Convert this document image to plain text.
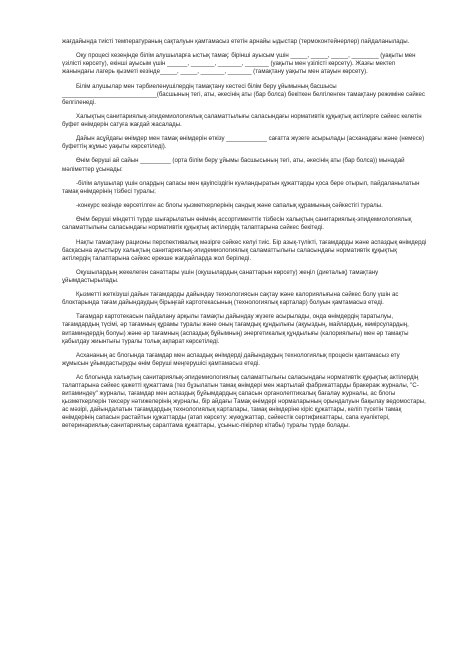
жағдайында тиісті температураның сақталуын қамтамасыз ететін арнайы ыдыстар (термоконтейнерлер) пайдаланылады.

Оқу процесі кезеңінде білім алушыларға ыстық тамақ: бірінші ауысым үшін _____, _____, _____, ________ (уақыты мен үзілісті көрсету), екінші ауысым үшін ______, _______, _______, _______ (уақыты мен үзілісті көрсету). Жазғы мектеп жанындағы лагерь қызметі кезінде_____, _____, _______, _______ (тамақтану уақыты мен атауын көрсету).

Білім алушылар мен тәрбиеленушілердің тамақтану кестесі білім беру ұйымының басшысы ____________________________(басшының тегі, аты, әкесінің аты (бар болса) бекіткен белгіленген тамақтану режиміне сәйкес белгіленеді.

Халықтың санитариялық-эпидемиологиялық саламаттылығы саласындағы нормативтік құқықтық актілерге сәйкес келетін буфет өнімдерін сатуға жағдай жасалады.

Дайын асұйдағы өнімдер мен тамақ өнімдерін өткізу ____________ сағатта жүзеге асырылады (асханадағы және (немесе) буфеттің жұмыс уақыты көрсетіледі).

Өнім беруші ай сайын _________ (орта білім беру ұйымы басшысының тегі, аты, әкесінің аты (бар болса)) мынадай мәліметтер ұсынады:

-білім алушылар үшін олардың сапасы мен қауіпсіздігін куәландыратын құжаттарды қоса бере отырып, пайдаланылатын тамақ өнімдерінің тізбесі туралы;

-конкурс кезінде көрсетілген ас блогы қызметкерлерінің сандық және сапалық құрамының сәйкестігі туралы.

Өнім беруші міндетті түрде шығарылатын өнімнің ассортименттік тізбесін халықтың санитариялық-эпидемиологиялық саламаттылығы саласындағы нормативтік құқықтық актілердің талаптарына сәйкес бекітеді.

Нақты тамақтану рационы перспективалық мәзірге сәйкес келуі тиіс. Бір азық-түлікті, тағамдарды және аспаздық өнімдерді басқасына ауыстыру халықтың санитариялық-эпидемиологиялық саламаттылығы саласындағы нормативтік құқықтық актілердің талаптарына сәйкес ерекше жағдайларда жол беріледі.

Оқушылардың жекелеген санаттары үшін (оқушылардың санаттарын көрсету) жеңіл (диеталық) тамақтану ұйымдастырылады.

Қызметті жеткізуші дайын тағамдарды дайындау технологиясын сақтау және калориялығына сәйкес болу үшін ас блоктарында тағам дайындаудың бірыңғай картотекасының (технологиялық карталар) болуын қамтамасыз етеді.

Тағамдар картотекасын пайдалану арқылы тамақты дайындау жүзеге асырылады, онда өнімдердің таратылуы, тағамдардың түсімі, әр тағамның құрамы туралы және оның тағамдық құндылығы (ақуыздың, майлардың, көмірсулардың, витаминдердің болуы) және әр тағамның (аспаздық бұйымның) энергетикалық құндылығы (калориялығы) мен әр тамақты қабылдау жиынтығы туралы толық ақпарат көрсетіледі.

Асхананың ас блогында тағамдар мен аспаздық өнімдерді дайындаудың технологиялық процесін қамтамасыз ету жұмысын ұйымдастыруды өнім беруші меңгерушісі қамтамасыз етеді.

Ас блогында халықтың санитариялық-эпидемиологиялық саламаттылығы саласындағы нормативтік құқықтық актілердің талаптарына сәйкес қажетті құжаттама (тез бұзылатын тамақ өнімдері мен жартылай фабрикаттарды бракераж журналы, "С-витаминдеу" журналы, тағамдар мен аспаздық бұйымдардың сапасын органолептикалық бағалау журналы, ас блогы қызметкерлерін тексеру нәтижелерінің журналы, бір айдағы Тамақ өнімдері нормаларының орындалуын бақылау ведомостары, ас мәзірі, дайындалатын тағамдардың технологиялық карталары, тамақ өнімдеріне кіріс құжаттары, келіп түсетін тамақ өнімдерінің сапасын растайтын құжаттарды (атап көрсету: жүкқұжаттар, сәйкестік сертификаттары, сапа куәліктері, ветеринариялық-санитариялық саралтама құжаттары, ұсыныс-пікірлер кітабы) туралы түрде болады.
